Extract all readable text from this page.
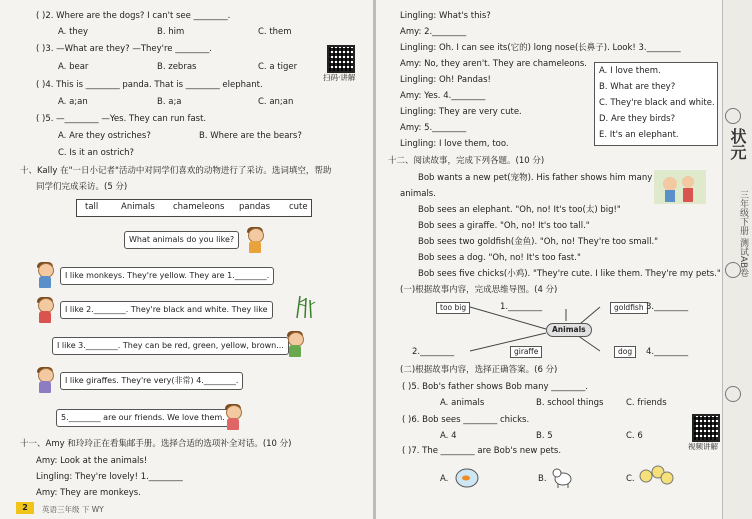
( )2. Where are the dogs? I can't see ________.
A. they	B. him	C. them
( )3. —What are they? —They're ________.
A. bear	B. zebras	C. a tiger
扫码·讲解
( )4. This is ________ panda. That is ________ elephant.
A. a;an	B. a;a	C. an;an
( )5. —________ —Yes. They can run fast.
A. Are they ostriches?	B. Where are the bears?
C. Is it an ostrich?
十、Kally 在"一日小记者"活动中对同学们喜欢的动物进行了采访。选词填空，帮助
同学们完成采访。(5 分)
tall	Animals chameleons pandas cute
What animals do you like?
I like monkeys. They're yellow. They are 1.________.
I like 2.________. They're black and white. They like
I like 3.________. They can be red, green, yellow, brown...
I like giraffes. They're very(非常) 4.________.
5.________ are our friends. We love them.
十一、Amy 和玲玲正在看集邮手册。选择合适的选项补全对话。(10 分)
Amy: Look at the animals!
Lingling: They're lovely! 1.________
Amy: They are monkeys.
2	英语三年级 下 WY
Lingling: What's this?
Amy: 2.________
Lingling: Oh. I can see its(它的) long nose(长鼻子). Look! 3.________
Amy: No, they aren't. They are chameleons.
Lingling: Oh! Pandas!
Amy: Yes. 4.________
Lingling: They are very cute.
Amy: 5.________
Lingling: I love them, too.
十二、阅读故事，完成下列各题。(10 分)
Bob wants a new pet(宠物). His father shows him many
animals.
Bob sees an elephant. "Oh, no! It's too(太) big!"
Bob sees a giraffe. "Oh, no! It's too tall."
Bob sees two goldfish(金鱼). "Oh, no! They're too small."
Bob sees a dog. "Oh, no! It's too fast."
Bob sees five chicks(小鸡). "They're cute. I like them. They're my pets."
(一)根据故事内容，完成思维导图。(4 分)
too big	1.________	goldfish 3.________
Animals
2.________	giraffe	dog	4.________
(二)根据故事内容，选择正确答案。(6 分)
( )5. Bob's father shows Bob many ________.
A. animals	B. school things	C. friends
( )6. Bob sees ________ chicks.
A. 4	B. 5	C. 6
视频讲解
( )7. The ________ are Bob's new pets.
A.	B.	C.
A. I love them.
B. What are they?
C. They're black and white.
D. Are they birds?
E. It's an elephant.	状元
三年级下册 测试AB卷
